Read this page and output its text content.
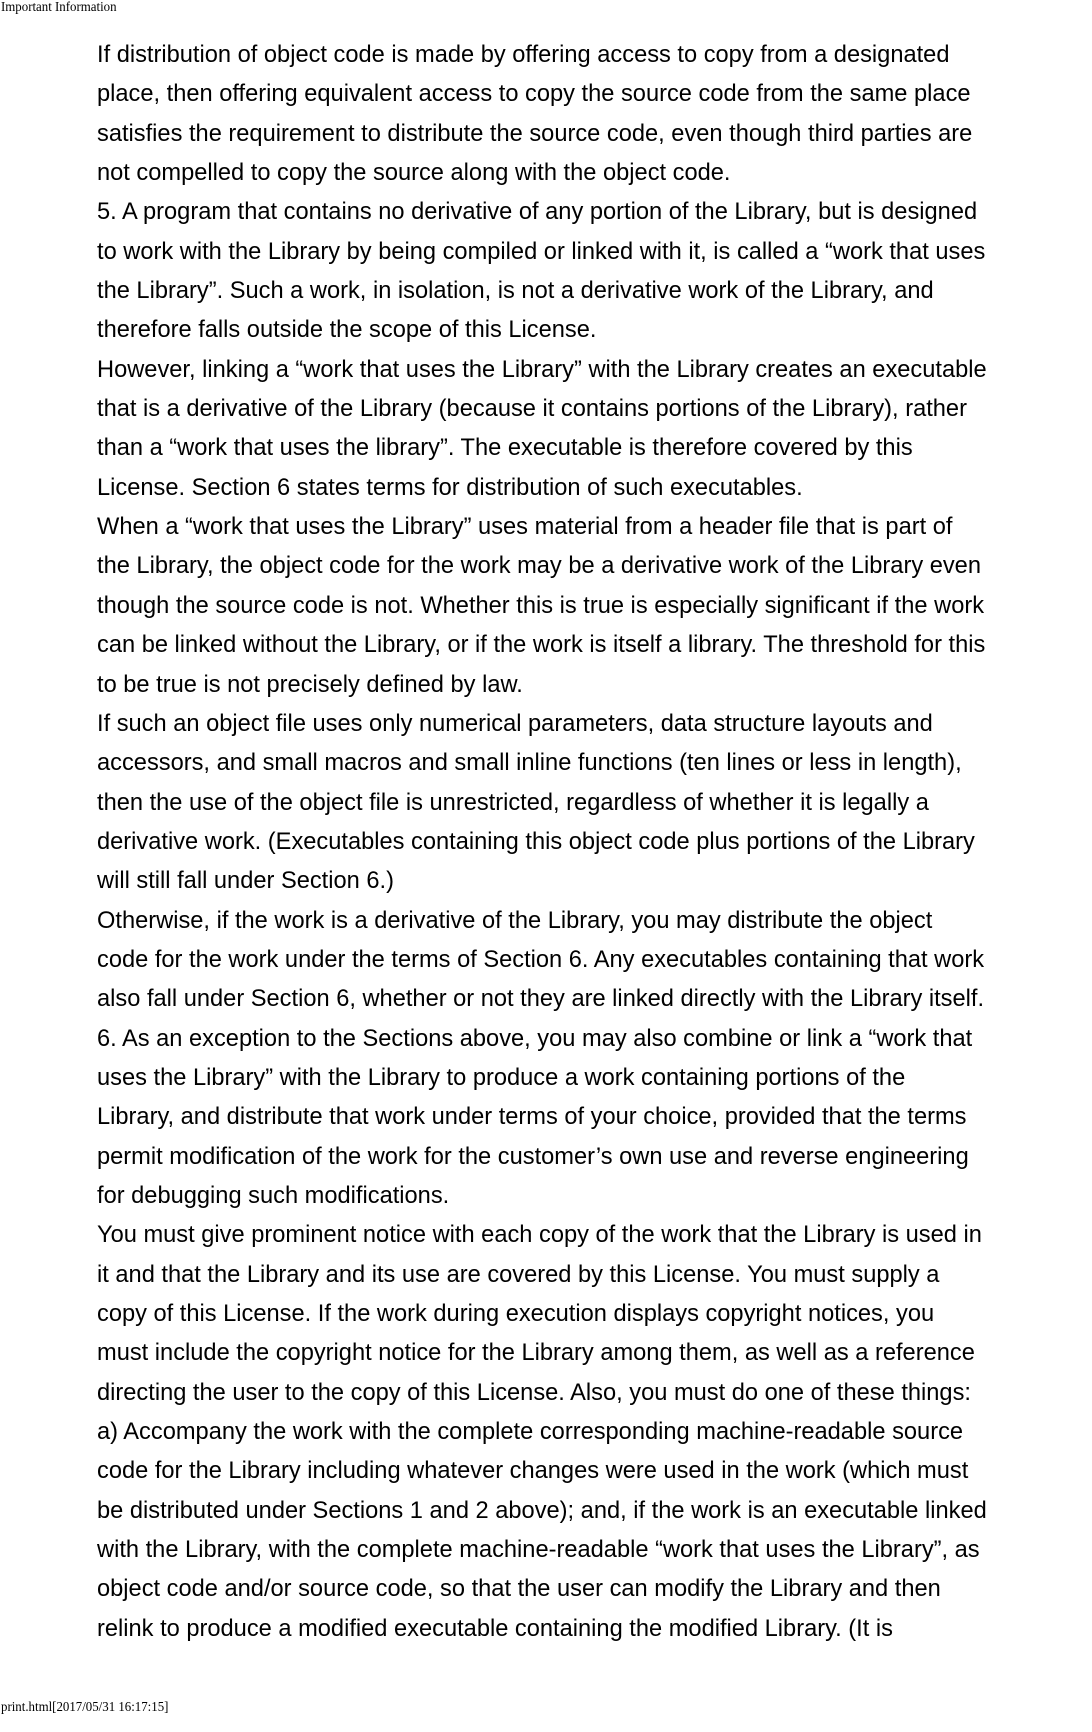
Important Information
If distribution of object code is made by offering access to copy from a designated
place, then offering equivalent access to copy the source code from the same place
satisfies the requirement to distribute the source code, even though third parties are
not compelled to copy the source along with the object code.
5. A program that contains no derivative of any portion of the Library, but is designed
to work with the Library by being compiled or linked with it, is called a “work that uses
the Library”. Such a work, in isolation, is not a derivative work of the Library, and
therefore falls outside the scope of this License.
However, linking a “work that uses the Library” with the Library creates an executable
that is a derivative of the Library (because it contains portions of the Library), rather
than a “work that uses the library”. The executable is therefore covered by this
License. Section 6 states terms for distribution of such executables.
When a “work that uses the Library” uses material from a header file that is part of
the Library, the object code for the work may be a derivative work of the Library even
though the source code is not. Whether this is true is especially significant if the work
can be linked without the Library, or if the work is itself a library. The threshold for this
to be true is not precisely defined by law.
If such an object file uses only numerical parameters, data structure layouts and
accessors, and small macros and small inline functions (ten lines or less in length),
then the use of the object file is unrestricted, regardless of whether it is legally a
derivative work. (Executables containing this object code plus portions of the Library
will still fall under Section 6.)
Otherwise, if the work is a derivative of the Library, you may distribute the object
code for the work under the terms of Section 6. Any executables containing that work
also fall under Section 6, whether or not they are linked directly with the Library itself.
6. As an exception to the Sections above, you may also combine or link a “work that
uses the Library” with the Library to produce a work containing portions of the
Library, and distribute that work under terms of your choice, provided that the terms
permit modification of the work for the customer’s own use and reverse engineering
for debugging such modifications.
You must give prominent notice with each copy of the work that the Library is used in
it and that the Library and its use are covered by this License. You must supply a
copy of this License. If the work during execution displays copyright notices, you
must include the copyright notice for the Library among them, as well as a reference
directing the user to the copy of this License. Also, you must do one of these things:
a) Accompany the work with the complete corresponding machine-readable source
code for the Library including whatever changes were used in the work (which must
be distributed under Sections 1 and 2 above); and, if the work is an executable linked
with the Library, with the complete machine-readable “work that uses the Library”, as
object code and/or source code, so that the user can modify the Library and then
relink to produce a modified executable containing the modified Library. (It is
print.html[2017/05/31 16:17:15]
